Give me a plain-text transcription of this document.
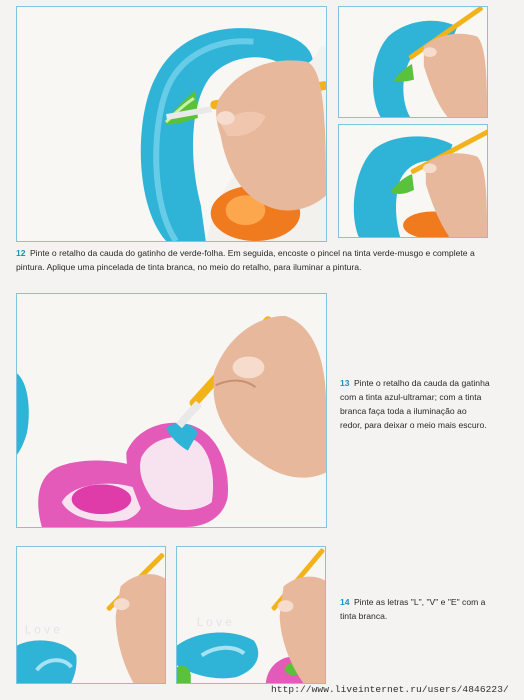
12 Pinte o retalho da cauda do gatinho de verde-folha. Em seguida, encoste o pincel na tinta verde-musgo e complete a pintura. Aplique uma pincelada de tinta branca, no meio do retalho, para iluminar a pintura.
13 Pinte o retalho da cauda da gatinha com a tinta azul-ultramar; com a tinta branca faça toda a iluminação ao redor, para deixar o meio mais escuro.
L o v e
L o v e
14 Pinte as letras "L", "V" e "E" com a tinta branca.
http://www.liveinternet.ru/users/4846223/
